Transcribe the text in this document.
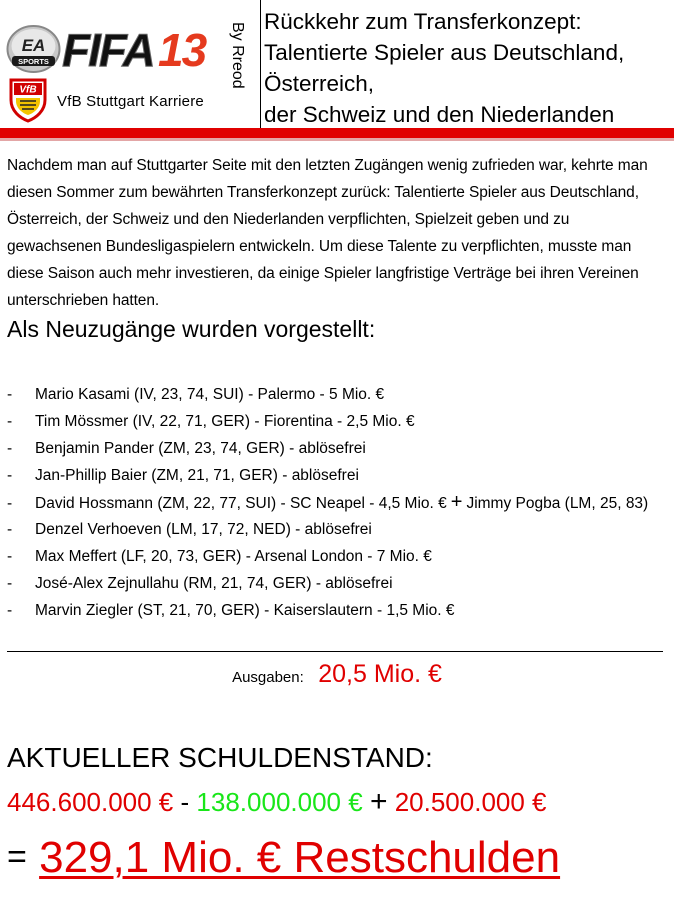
EA
SPORTS FIFA 13
VfB
VfB Stuttgart Karriere
By Rreod
Rückkehr zum Transferkonzept:
Talentierte Spieler aus Deutschland, Österreich,
der Schweiz und den Niederlanden
Nachdem man auf Stuttgarter Seite mit den letzten Zugängen wenig zufrieden war, kehrte man diesen Sommer zum bewährten Transferkonzept zurück: Talentierte Spieler aus Deutschland, Österreich, der Schweiz und den Niederlanden verpflichten, Spielzeit geben und zu gewachsenen Bundesligaspielern entwickeln. Um diese Talente zu verpflichten, musste man diese Saison auch mehr investieren, da einige Spieler langfristige Verträge bei ihren Vereinen unterschrieben hatten.
Als Neuzugänge wurden vorgestellt:
- Mario Kasami (IV, 23, 74, SUI) - Palermo - 5 Mio. €
- Tim Mössmer (IV, 22, 71, GER) - Fiorentina - 2,5 Mio. €
- Benjamin Pander (ZM, 23, 74, GER) - ablösefrei
- Jan-Phillip Baier (ZM, 21, 71, GER) - ablösefrei
- David Hossmann (ZM, 22, 77, SUI) - SC Neapel - 4,5 Mio. € + Jimmy Pogba (LM, 25, 83)
- Denzel Verhoeven (LM, 17, 72, NED) - ablösefrei
- Max Meffert (LF, 20, 73, GER) - Arsenal London - 7 Mio. €
- José-Alex Zejnullahu (RM, 21, 74, GER) - ablösefrei
- Marvin Ziegler (ST, 21, 70, GER) - Kaiserslautern - 1,5 Mio. €
Ausgaben: 20,5 Mio. €
AKTUELLER SCHULDENSTAND:
446.600.000 € - 138.000.000 € + 20.500.000 €
= 329,1 Mio. € Restschulden
